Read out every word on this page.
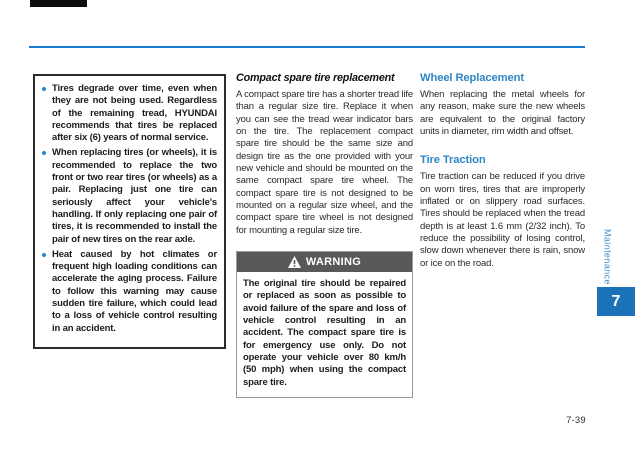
Tires degrade over time, even when they are not being used. Regardless of the remaining tread, HYUNDAI recommends that tires be replaced after six (6) years of normal service.
When replacing tires (or wheels), it is recommended to replace the two front or two rear tires (or wheels) as a pair. Replacing just one tire can seriously affect your vehicle's handling. If only replacing one pair of tires, it is recommended to install the pair of new tires on the rear axle.
Heat caused by hot climates or frequent high loading conditions can accelerate the aging process. Failure to follow this warning may cause sudden tire failure, which could lead to a loss of vehicle control resulting in an accident.
Compact spare tire replacement

A compact spare tire has a shorter tread life than a regular size tire. Replace it when you can see the tread wear indicator bars on the tire. The replacement compact spare tire should be the same size and design tire as the one provided with your new vehicle and should be mounted on the same compact spare tire wheel. The compact spare tire is not designed to be mounted on a regular size wheel, and the compact spare tire wheel is not designed for mounting a regular size tire.

WARNING

The original tire should be repaired or replaced as soon as possible to avoid failure of the spare and loss of vehicle control resulting in an accident. The compact spare tire is for emergency use only. Do not operate your vehicle over 80 km/h (50 mph) when using the compact spare tire.

Wheel Replacement

When replacing the metal wheels for any reason, make sure the new wheels are equivalent to the original factory units in diameter, rim width and offset.

Tire Traction

Tire traction can be reduced if you drive on worn tires, tires that are improperly inflated or on slippery road surfaces. Tires should be replaced when the tread depth is at least 1.6 mm (2/32 inch). To reduce the possibility of losing control, slow down whenever there is rain, snow or ice on the road.	Maintenance
7
7-39
